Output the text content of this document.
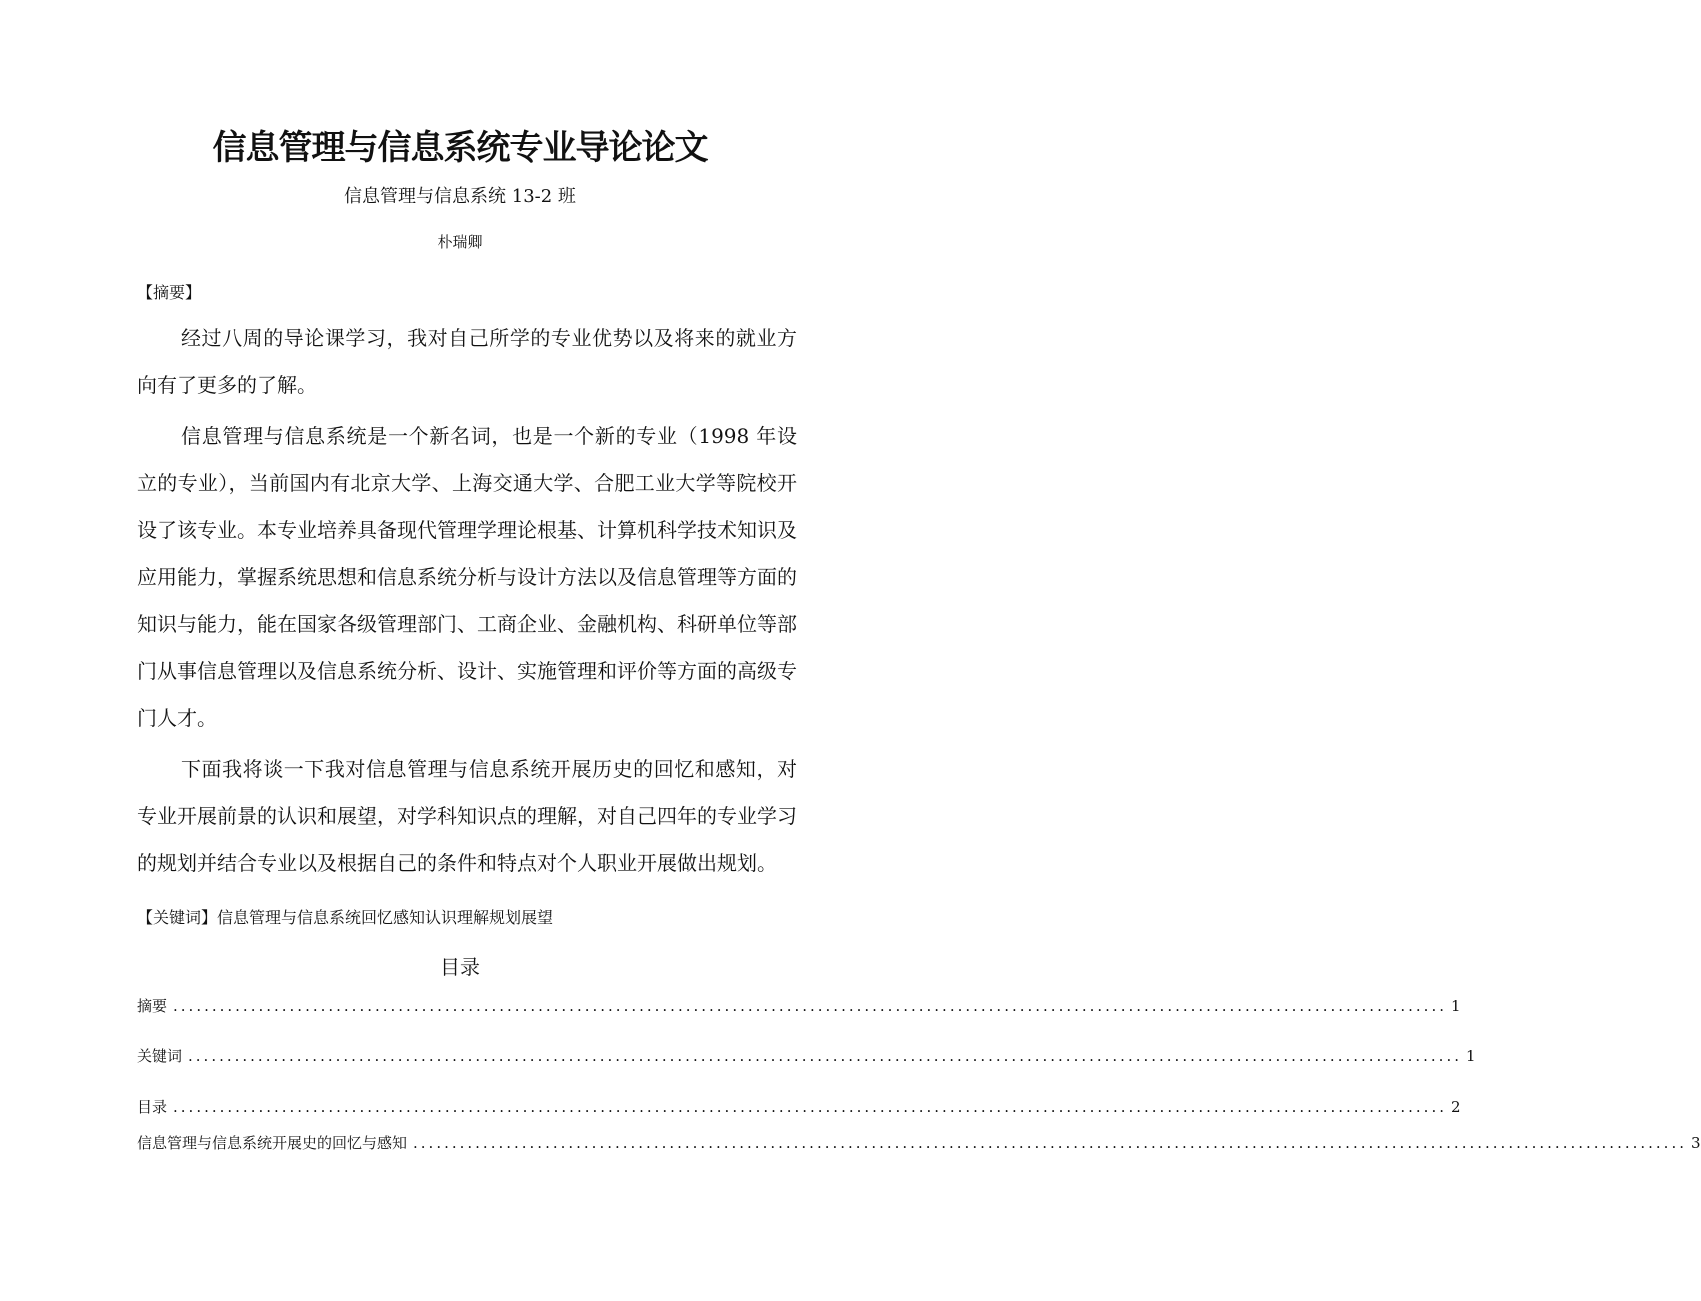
信息管理与信息系统专业导论论文
信息管理与信息系统 13-2 班
朴瑞卿
【摘要】

经过八周的导论课学习，我对自己所学的专业优势以及将来的就业方向有了更多的了解。

信息管理与信息系统是一个新名词，也是一个新的专业（1998 年设立的专业），当前国内有北京大学、上海交通大学、合肥工业大学等院校开设了该专业。本专业培养具备现代管理学理论根基、计算机科学技术知识及应用能力，掌握系统思想和信息系统分析与设计方法以及信息管理等方面的知识与能力，能在国家各级管理部门、工商企业、金融机构、科研单位等部门从事信息管理以及信息系统分析、设计、实施管理和评价等方面的高级专门人才。

下面我将谈一下我对信息管理与信息系统开展历史的回忆和感知，对专业开展前景的认识和展望，对学科知识点的理解，对自己四年的专业学习的规划并结合专业以及根据自己的条件和特点对个人职业开展做出规划。

【关键词】信息管理与信息系统回忆感知认识理解规划展望
目录
摘要 .................................................................................................................................................................... 1
关键词 .................................................................................................................................................................... 1
目录 .................................................................................................................................................................... 2
信息管理与信息系统开展史的回忆与感知 .................................................................................................................................................................... 3
